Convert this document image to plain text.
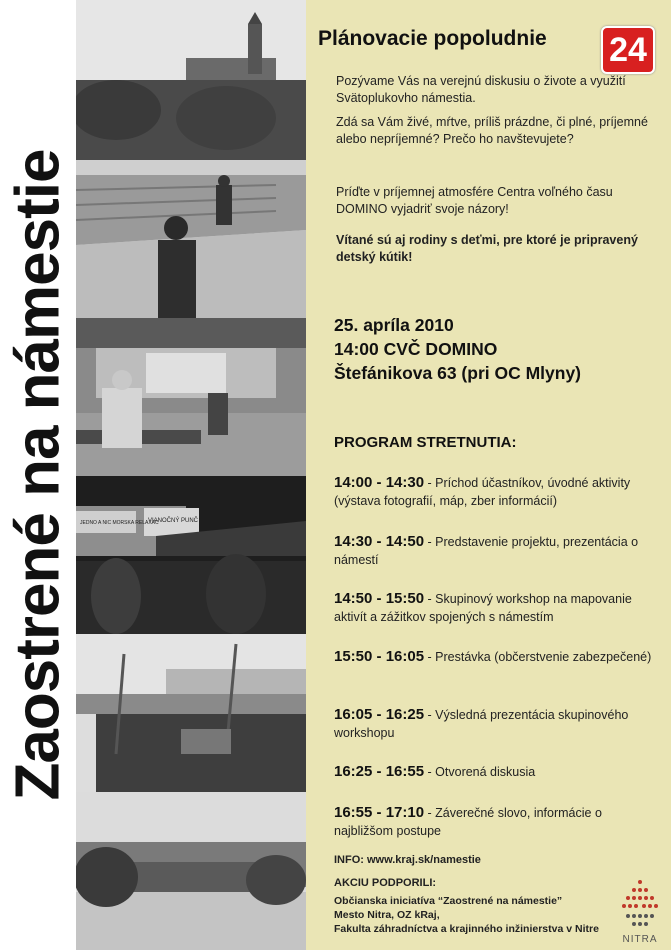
Zaostrené na námestie	VIANOČNÝ PUNČ
JEDNO A NIC MORSKA RELAXAC
Plánovacie popoludnie
Pozývame Vás na verejnú diskusiu o živote a využití Svätoplukovho námestia.
Zdá sa Vám živé, mŕtve, príliš prázdne, či plné, príjemné alebo nepríjemné? Prečo ho navštevujete?
Príďte v príjemnej atmosfére Centra voľného času DOMINO vyjadriť svoje názory!
Vítané sú aj rodiny s deťmi, pre ktoré je pripravený detský kútik!
25. apríla 2010
14:00 CVČ DOMINO
Štefánikova 63 (pri OC Mlyny)
PROGRAM STRETNUTIA:
14:00 - 14:30 - Príchod účastníkov, úvodné aktivity (výstava fotografií, máp, zber informácií)
14:30 - 14:50 - Predstavenie projektu, prezentácia o námestí
14:50 - 15:50 - Skupinový workshop na mapovanie aktivít a zážitkov spojených s námestím
15:50 - 16:05 - Prestávka (občerstvenie zabezpečené)
16:05 - 16:25 - Výsledná prezentácia skupinového workshopu
16:25 - 16:55 - Otvorená diskusia
16:55 - 17:10 - Záverečné slovo, informácie o najbližšom postupe
INFO: www.kraj.sk/namestie
AKCIU PODPORILI:
Občianska iniciatíva “Zaostrené na námestie”
Mesto Nitra, OZ kRaj,
Fakulta záhradníctva a krajinného inžinierstva v Nitre
24
NITRA
